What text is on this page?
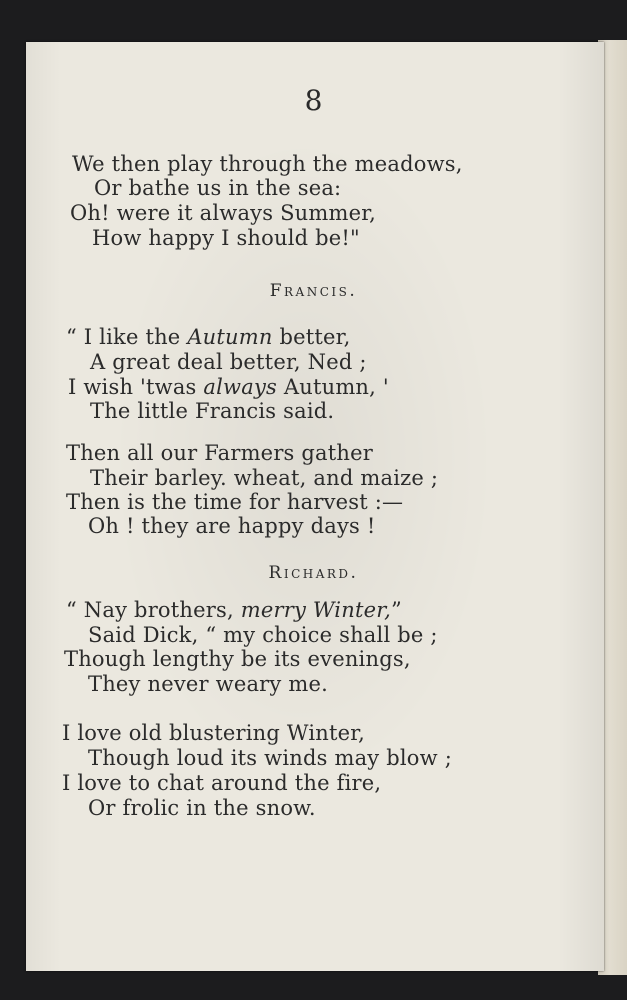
8
We then play through the meadows,
Or bathe us in the sea:
Oh! were it always Summer,
How happy I should be!"
Francis.
“ I like the Autumn better,
A great deal better, Ned ;
I wish 'twas always Autumn, '
The little Francis said.
Then all our Farmers gather
Their barley. wheat, and maize ;
Then is the time for harvest :—
Oh ! they are happy days !
Richard.
“ Nay brothers, merry Winter,”
Said Dick, “ my choice shall be ;
Though lengthy be its evenings,
They never weary me.
I love old blustering Winter,
Though loud its winds may blow ;
I love to chat around the fire,
Or frolic in the snow.
